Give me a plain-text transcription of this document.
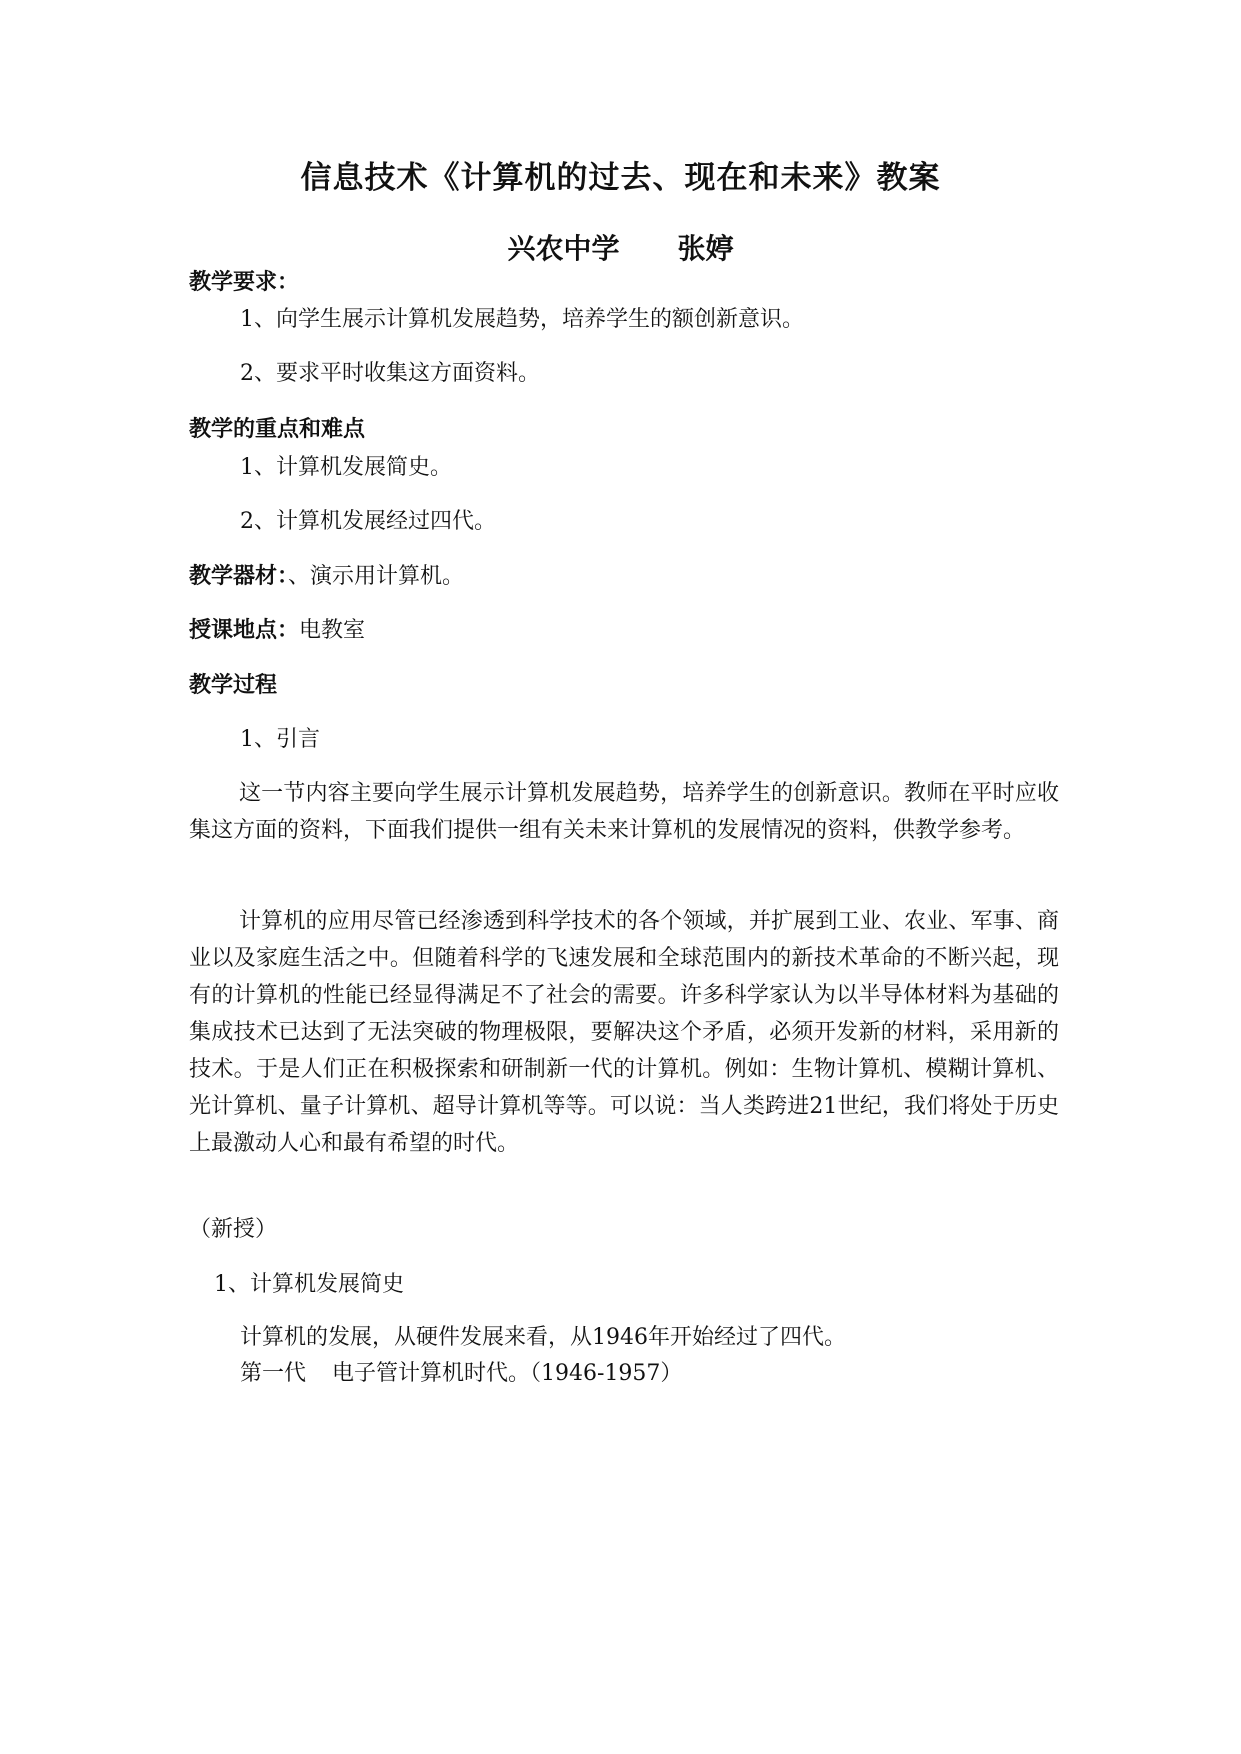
信息技术《计算机的过去、现在和未来》教案
兴农中学 张婷
教学要求：
1、向学生展示计算机发展趋势，培养学生的额创新意识。
2、要求平时收集这方面资料。
教学的重点和难点
1、计算机发展简史。
2、计算机发展经过四代。
教学器材：、演示用计算机。
授课地点：电教室
教学过程
1、引言
这一节内容主要向学生展示计算机发展趋势，培养学生的创新意识。教师在平时应收集这方面的资料，下面我们提供一组有关未来计算机的发展情况的资料，供教学参考。
计算机的应用尽管已经渗透到科学技术的各个领域，并扩展到工业、农业、军事、商业以及家庭生活之中。但随着科学的飞速发展和全球范围内的新技术革命的不断兴起，现有的计算机的性能已经显得满足不了社会的需要。许多科学家认为以半导体材料为基础的集成技术已达到了无法突破的物理极限，要解决这个矛盾，必须开发新的材料，采用新的技术。于是人们正在积极探索和研制新一代的计算机。例如：生物计算机、模糊计算机、光计算机、量子计算机、超导计算机等等。可以说：当人类跨进21世纪，我们将处于历史上最激动人心和最有希望的时代。
（新授）
1、计算机发展简史
计算机的发展，从硬件发展来看，从1946年开始经过了四代。
第一代 电子管计算机时代。（1946-1957）
